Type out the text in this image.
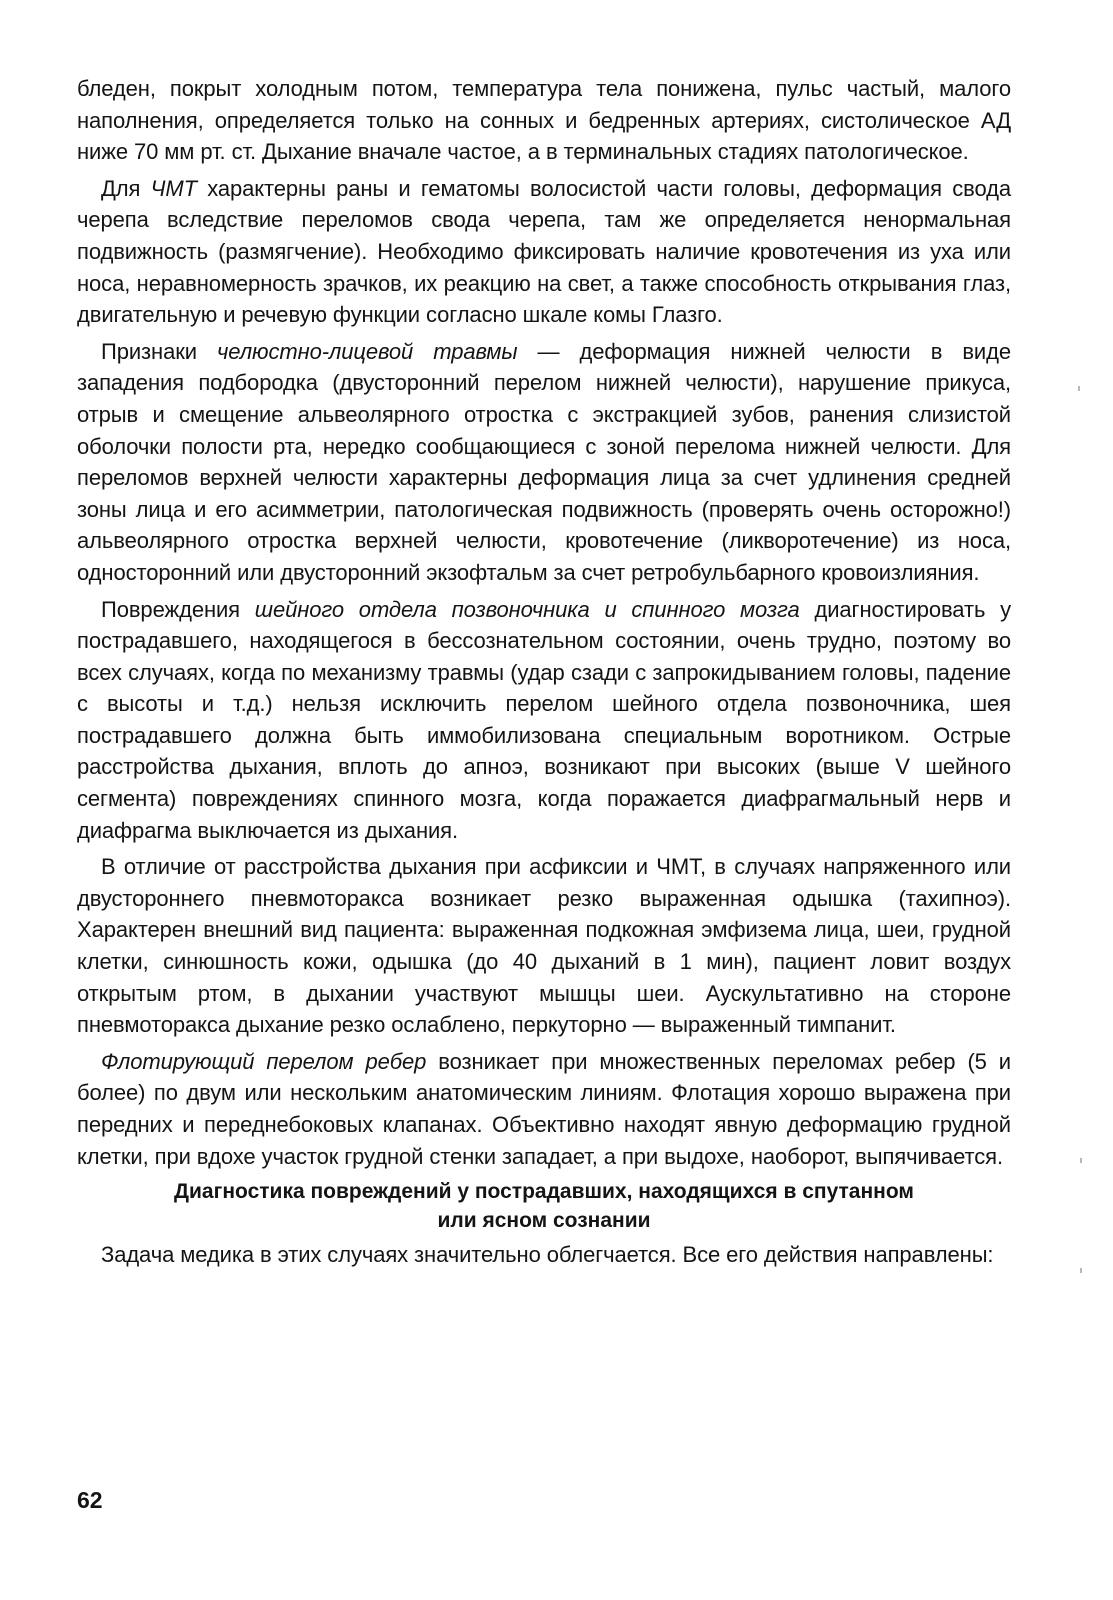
бледен, покрыт холодным потом, температура тела понижена, пульс частый, малого наполнения, определяется только на сонных и бедренных артериях, систолическое АД ниже 70 мм рт. ст. Дыхание вначале частое, а в терминальных стадиях патологическое.

Для ЧМТ характерны раны и гематомы волосистой части головы, деформация свода черепа вследствие переломов свода черепа, там же определяется ненормальная подвижность (размягчение). Необходимо фиксировать наличие кровотечения из уха или носа, неравномерность зрачков, их реакцию на свет, а также способность открывания глаз, двигательную и речевую функции согласно шкале комы Глазго.

Признаки челюстно-лицевой травмы — деформация нижней челюсти в виде западения подбородка (двусторонний перелом нижней челюсти), нарушение прикуса, отрыв и смещение альвеолярного отростка с экстракцией зубов, ранения слизистой оболочки полости рта, нередко сообщающиеся с зоной перелома нижней челюсти. Для переломов верхней челюсти характерны деформация лица за счет удлинения средней зоны лица и его асимметрии, патологическая подвижность (проверять очень осторожно!) альвеолярного отростка верхней челюсти, кровотечение (ликворотечение) из носа, односторонний или двусторонний экзофтальм за счет ретробульбарного кровоизлияния.

Повреждения шейного отдела позвоночника и спинного мозга диагностировать у пострадавшего, находящегося в бессознательном состоянии, очень трудно, поэтому во всех случаях, когда по механизму травмы (удар сзади с запрокидыванием головы, падение с высоты и т.д.) нельзя исключить перелом шейного отдела позвоночника, шея пострадавшего должна быть иммобилизована специальным воротником. Острые расстройства дыхания, вплоть до апноэ, возникают при высоких (выше V шейного сегмента) повреждениях спинного мозга, когда поражается диафрагмальный нерв и диафрагма выключается из дыхания.

В отличие от расстройства дыхания при асфиксии и ЧМТ, в случаях напряженного или двустороннего пневмоторакса возникает резко выраженная одышка (тахипноэ). Характерен внешний вид пациента: выраженная подкожная эмфизема лица, шеи, грудной клетки, синюшность кожи, одышка (до 40 дыханий в 1 мин), пациент ловит воздух открытым ртом, в дыхании участвуют мышцы шеи. Аускультативно на стороне пневмоторакса дыхание резко ослаблено, перкуторно — выраженный тимпанит.

Флотирующий перелом ребер возникает при множественных переломах ребер (5 и более) по двум или нескольким анатомическим линиям. Флотация хорошо выражена при передних и переднебоковых клапанах. Объективно находят явную деформацию грудной клетки, при вдохе участок грудной стенки западает, а при выдохе, наоборот, выпячивается.

Диагностика повреждений у пострадавших, находящихся в спутанном
или ясном сознании

Задача медика в этих случаях значительно облегчается. Все его действия направлены:

62
